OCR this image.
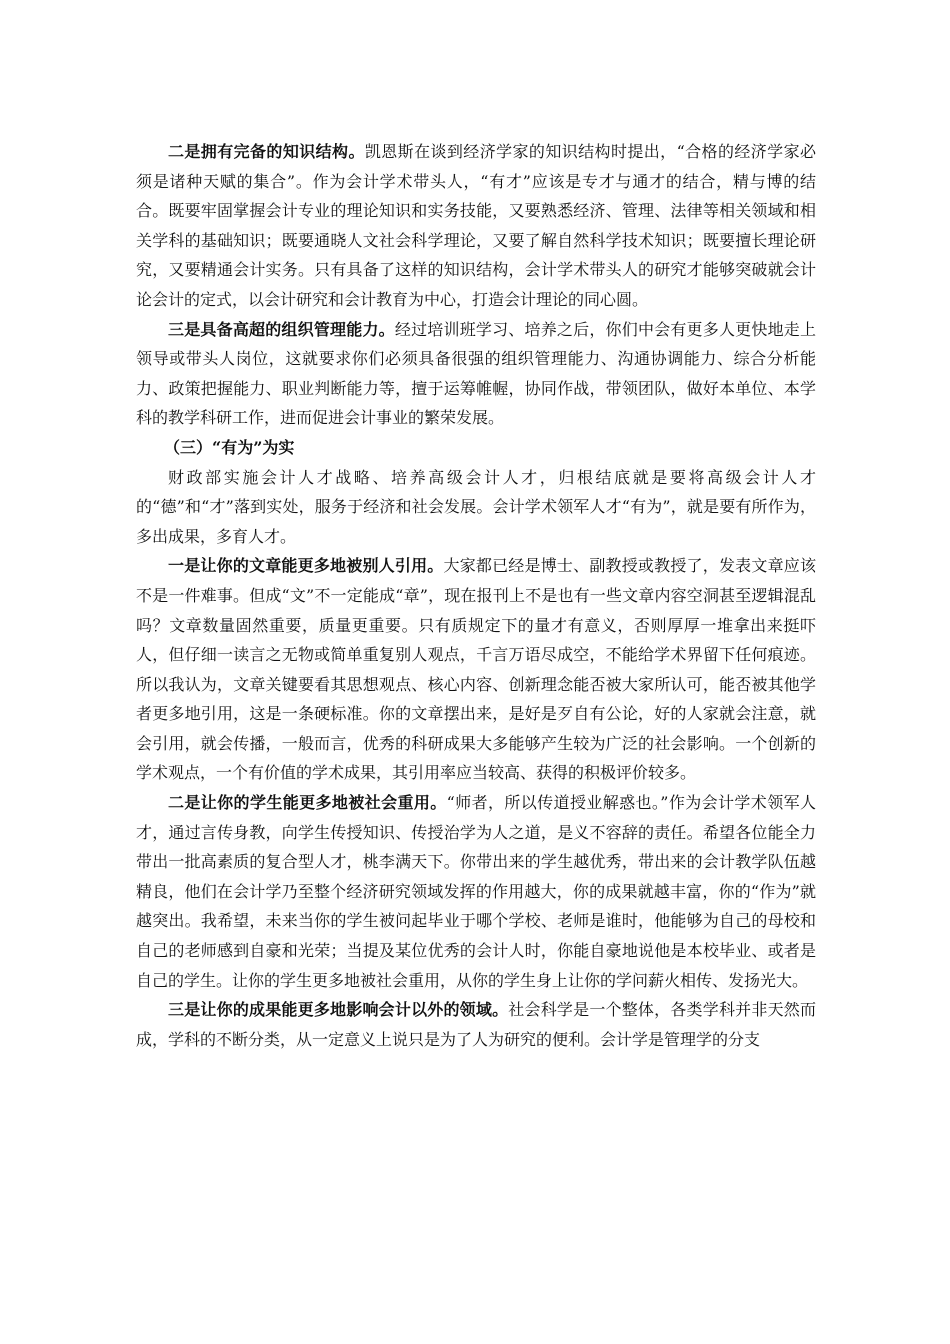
二是拥有完备的知识结构。凯恩斯在谈到经济学家的知识结构时提出，“合格的经济学家必须是诸种天赋的集合”。作为会计学术带头人，“有才”应该是专才与通才的结合，精与博的结合。既要牢固掌握会计专业的理论知识和实务技能，又要熟悉经济、管理、法律等相关领域和相关学科的基础知识；既要通晓人文社会科学理论，又要了解自然科学技术知识；既要擅长理论研究，又要精通会计实务。只有具备了这样的知识结构，会计学术带头人的研究才能够突破就会计论会计的定式，以会计研究和会计教育为中心，打造会计理论的同心圆。

三是具备高超的组织管理能力。经过培训班学习、培养之后，你们中会有更多人更快地走上领导或带头人岗位，这就要求你们必须具备很强的组织管理能力、沟通协调能力、综合分析能力、政策把握能力、职业判断能力等，擅于运筹帷幄，协同作战，带领团队，做好本单位、本学科的教学科研工作，进而促进会计事业的繁荣发展。

（三）“有为”为实

财政部实施会计人才战略、培养高级会计人才，归根结底就是要将高级会计人才的“德”和“才”落到实处，服务于经济和社会发展。会计学术领军人才“有为”，就是要有所作为，多出成果，多育人才。

一是让你的文章能更多地被别人引用。大家都已经是博士、副教授或教授了，发表文章应该不是一件难事。但成“文”不一定能成“章”，现在报刊上不是也有一些文章内容空洞甚至逻辑混乱吗？文章数量固然重要，质量更重要。只有质规定下的量才有意义，否则厚厚一堆拿出来挺吓人，但仔细一读言之无物或简单重复别人观点，千言万语尽成空，不能给学术界留下任何痕迹。所以我认为，文章关键要看其思想观点、核心内容、创新理念能否被大家所认可，能否被其他学者更多地引用，这是一条硬标准。你的文章摆出来，是好是歹自有公论，好的人家就会注意，就会引用，就会传播，一般而言，优秀的科研成果大多能够产生较为广泛的社会影响。一个创新的学术观点，一个有价值的学术成果，其引用率应当较高、获得的积极评价较多。

二是让你的学生能更多地被社会重用。“师者，所以传道授业解惑也。”作为会计学术领军人才，通过言传身教，向学生传授知识、传授治学为人之道，是义不容辞的责任。希望各位能全力带出一批高素质的复合型人才，桃李满天下。你带出来的学生越优秀，带出来的会计教学队伍越精良，他们在会计学乃至整个经济研究领域发挥的作用越大，你的成果就越丰富，你的“作为”就越突出。我希望，未来当你的学生被问起毕业于哪个学校、老师是谁时，他能够为自己的母校和自己的老师感到自豪和光荣；当提及某位优秀的会计人时，你能自豪地说他是本校毕业、或者是自己的学生。让你的学生更多地被社会重用，从你的学生身上让你的学问薪火相传、发扬光大。

三是让你的成果能更多地影响会计以外的领域。社会科学是一个整体，各类学科并非天然而成，学科的不断分类，从一定意义上说只是为了人为研究的便利。会计学是管理学的分支
